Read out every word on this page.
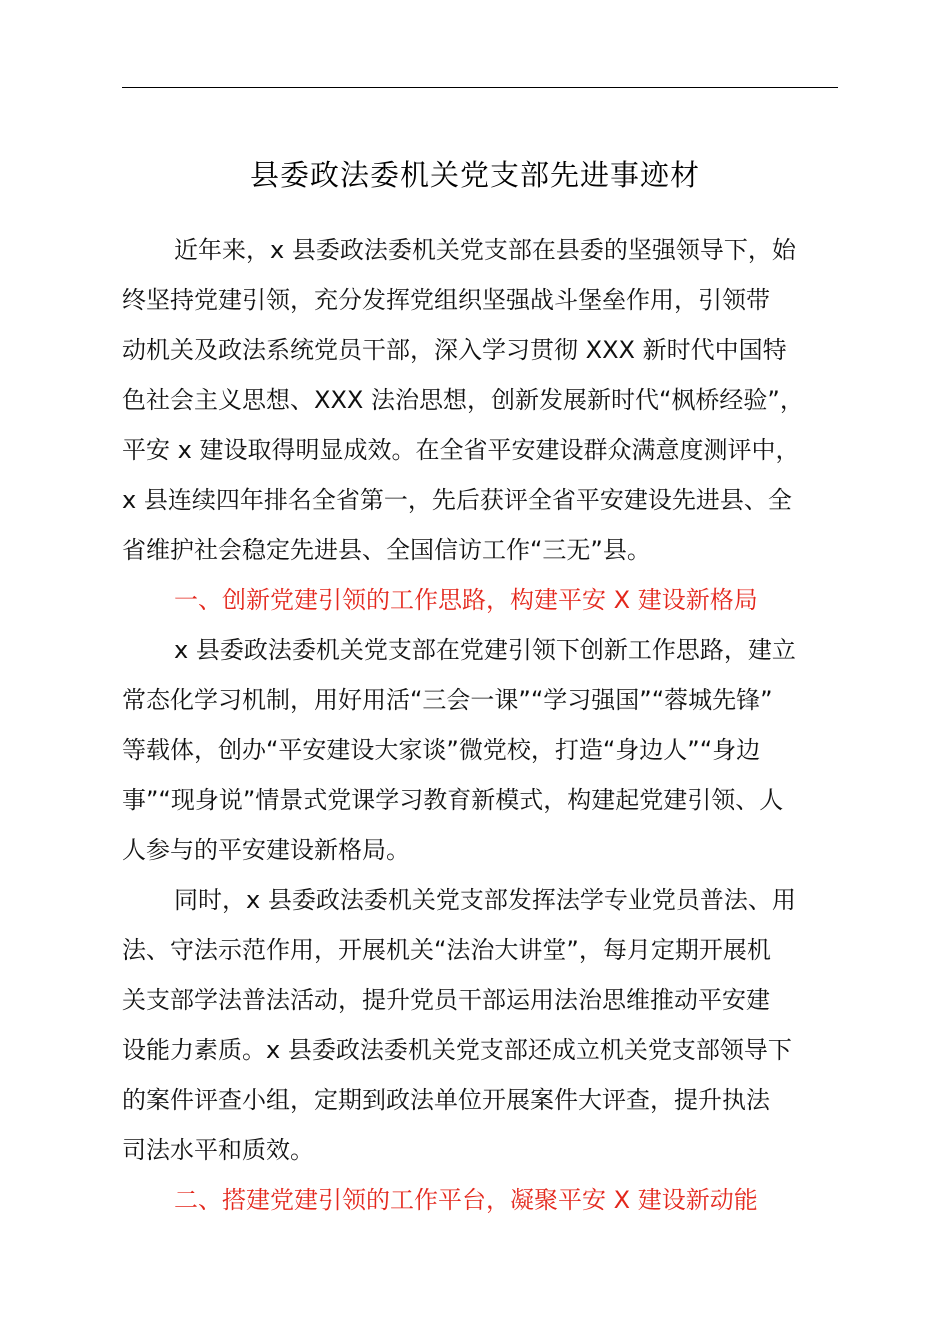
县委政法委机关党支部先进事迹材
近年来，x 县委政法委机关党支部在县委的坚强领导下，始
终坚持党建引领，充分发挥党组织坚强战斗堡垒作用，引领带
动机关及政法系统党员干部，深入学习贯彻 XXX 新时代中国特
色社会主义思想、XXX 法治思想，创新发展新时代“枫桥经验”，
平安 x 建设取得明显成效。在全省平安建设群众满意度测评中，
x 县连续四年排名全省第一，先后获评全省平安建设先进县、全
省维护社会稳定先进县、全国信访工作“三无”县。
一、创新党建引领的工作思路，构建平安 X 建设新格局
x 县委政法委机关党支部在党建引领下创新工作思路，建立
常态化学习机制，用好用活“三会一课”“学习强国”“蓉城先锋”
等载体，创办“平安建设大家谈”微党校，打造“身边人”“身边
事”“现身说”情景式党课学习教育新模式，构建起党建引领、人
人参与的平安建设新格局。
同时，x 县委政法委机关党支部发挥法学专业党员普法、用
法、守法示范作用，开展机关“法治大讲堂”，每月定期开展机
关支部学法普法活动，提升党员干部运用法治思维推动平安建
设能力素质。x 县委政法委机关党支部还成立机关党支部领导下
的案件评查小组，定期到政法单位开展案件大评查，提升执法
司法水平和质效。
二、搭建党建引领的工作平台，凝聚平安 X 建设新动能
